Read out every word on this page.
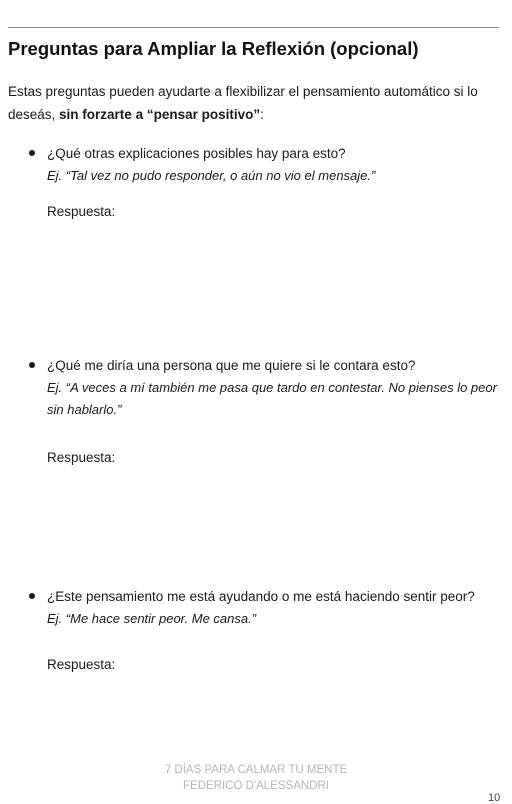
Preguntas para Ampliar la Reflexión (opcional)

Estas preguntas pueden ayudarte a flexibilizar el pensamiento automático si lo deseás, sin forzarte a “pensar positivo”:

¿Qué otras explicaciones posibles hay para esto?

Ej. “Tal vez no pudo responder, o aún no vio el mensaje.”

Respuesta:

¿Qué me diría una persona que me quiere si le contara esto?

Ej. “A veces a mí también me pasa que tardo en contestar. No pienses lo peor sin hablarlo.”

Respuesta:

¿Este pensamiento me está ayudando o me está haciendo sentir peor?

Ej. “Me hace sentir peor. Me cansa.”

Respuesta:

7 DÍAS PARA CALMAR TU MENTE
FEDERICO D'ALESSANDRI
10
